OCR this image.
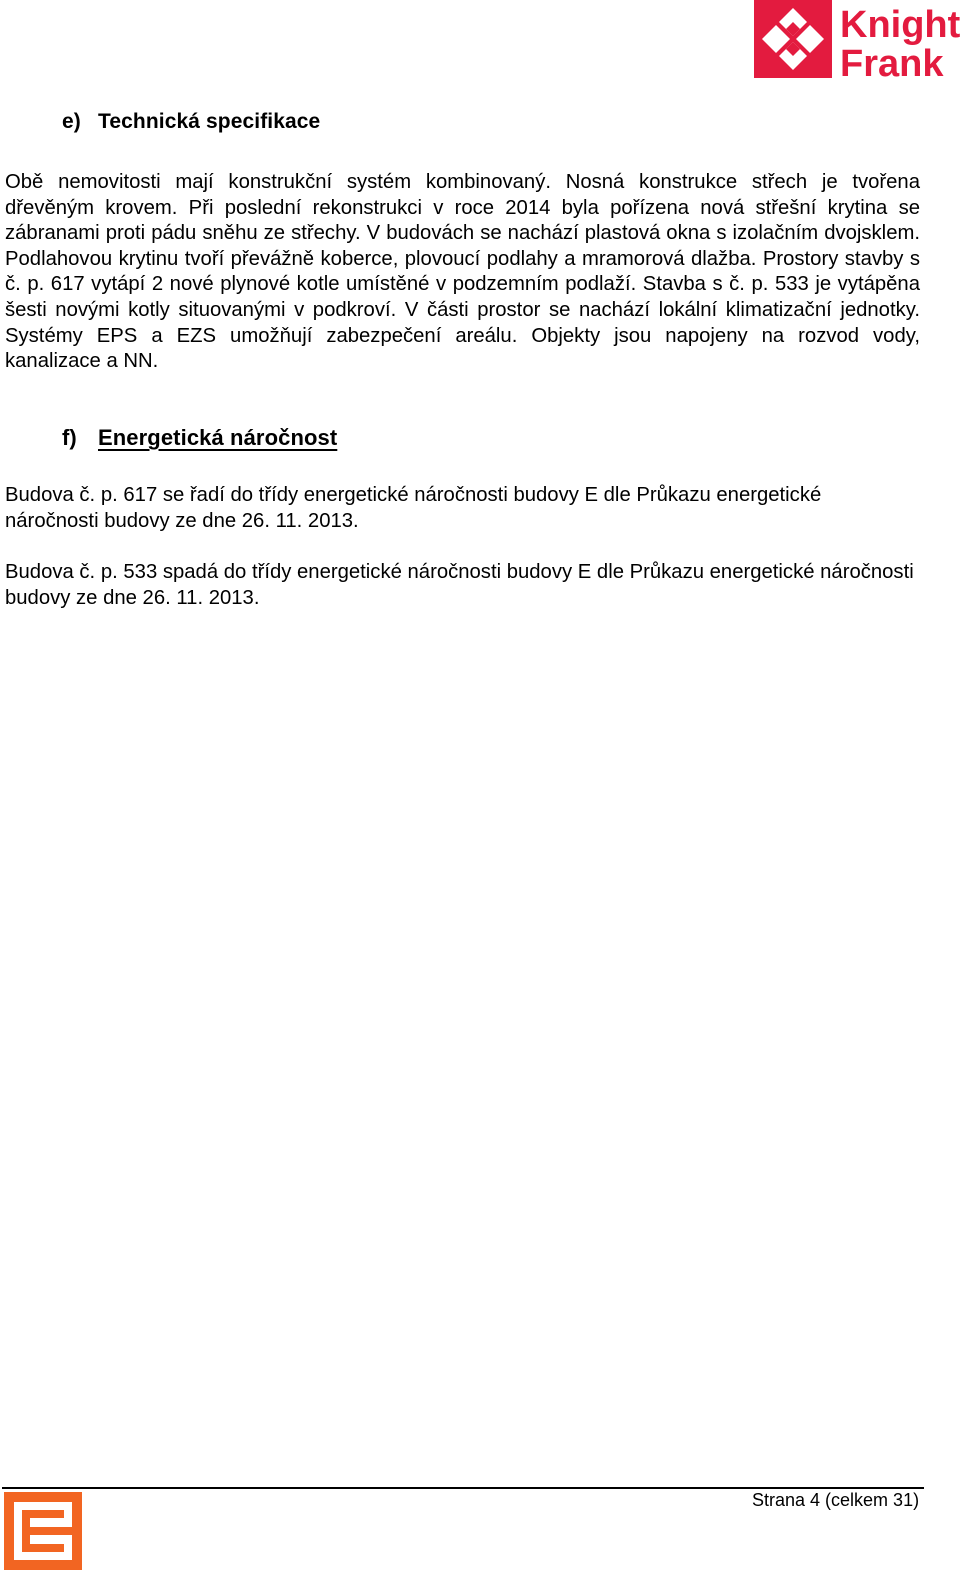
Knight
Frank
e) Technická specifikace

Obě nemovitosti mají konstrukční systém kombinovaný. Nosná konstrukce střech je tvořena dřevěným krovem. Při poslední rekonstrukci v roce 2014 byla pořízena nová střešní krytina se zábranami proti pádu sněhu ze střechy. V budovách se nachází plastová okna s izolačním dvojsklem. Podlahovou krytinu tvoří převážně koberce, plovoucí podlahy a mramorová dlažba. Prostory stavby s č. p. 617 vytápí 2 nové plynové kotle umístěné v podzemním podlaží. Stavba s č. p. 533 je vytápěna šesti novými kotly situovanými v podkroví. V části prostor se nachází lokální klimatizační jednotky. Systémy EPS a EZS umožňují zabezpečení areálu. Objekty jsou napojeny na rozvod vody, kanalizace a NN.

f) Energetická náročnost

Budova č. p. 617 se řadí do třídy energetické náročnosti budovy E dle Průkazu energetické náročnosti budovy ze dne 26. 11. 2013.

Budova č. p. 533 spadá do třídy energetické náročnosti budovy E dle Průkazu energetické náročnosti budovy ze dne 26. 11. 2013.

Strana 4 (celkem 31)
